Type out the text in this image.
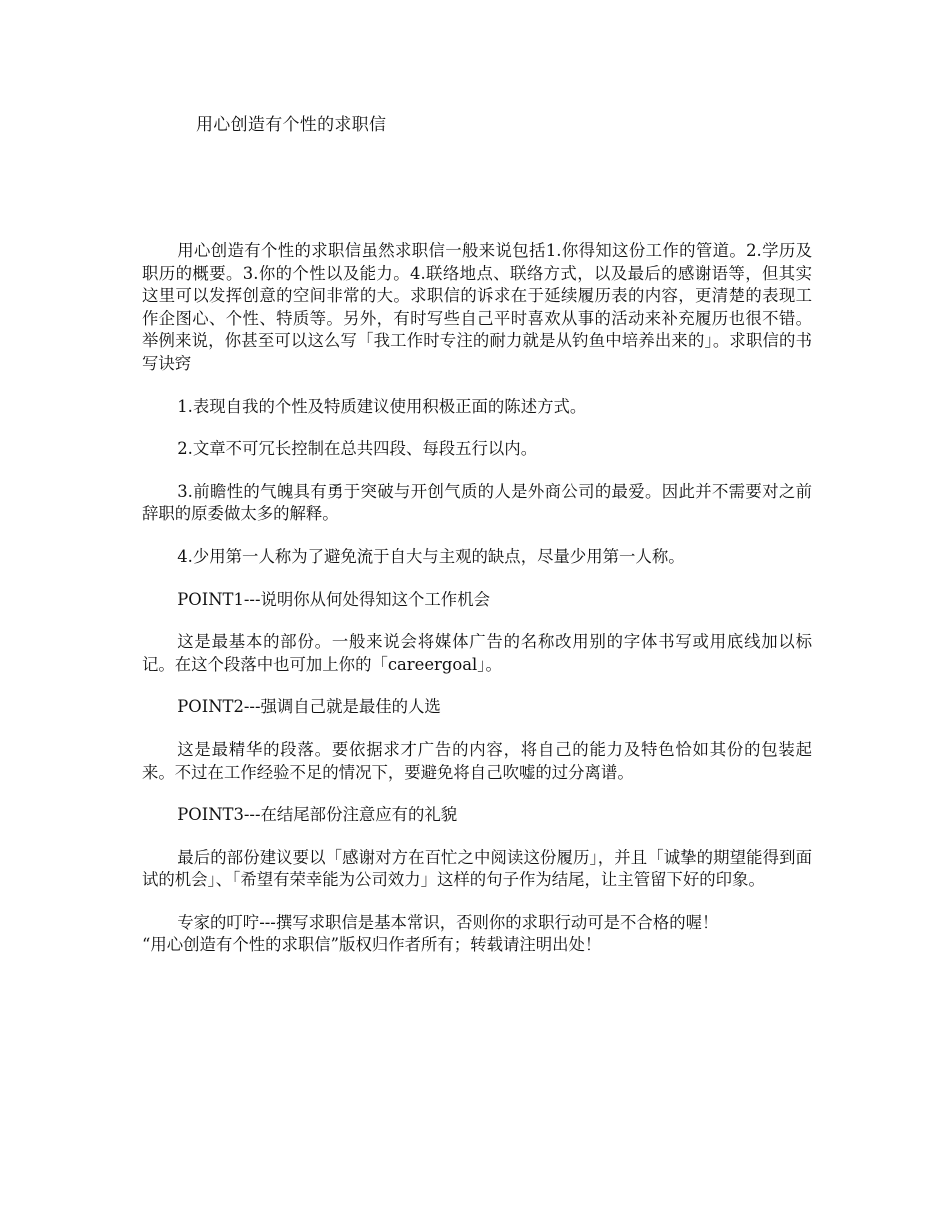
用心创造有个性的求职信

用心创造有个性的求职信虽然求职信一般来说包括1.你得知这份工作的管道。2.学历及职历的概要。3.你的个性以及能力。4.联络地点、联络方式，以及最后的感谢语等，但其实这里可以发挥创意的空间非常的大。求职信的诉求在于延续履历表的内容，更清楚的表现工作企图心、个性、特质等。另外，有时写些自己平时喜欢从事的活动来补充履历也很不错。举例来说，你甚至可以这么写「我工作时专注的耐力就是从钓鱼中培养出来的」。求职信的书写诀窍

1.表现自我的个性及特质建议使用积极正面的陈述方式。

2.文章不可冗长控制在总共四段、每段五行以内。

3.前瞻性的气魄具有勇于突破与开创气质的人是外商公司的最爱。因此并不需要对之前辞职的原委做太多的解释。

4.少用第一人称为了避免流于自大与主观的缺点，尽量少用第一人称。

POINT1---说明你从何处得知这个工作机会

这是最基本的部份。一般来说会将媒体广告的名称改用别的字体书写或用底线加以标记。在这个段落中也可加上你的「careergoal」。

POINT2---强调自己就是最佳的人选

这是最精华的段落。要依据求才广告的内容，将自己的能力及特色恰如其份的包装起来。不过在工作经验不足的情况下，要避免将自己吹嘘的过分离谱。

POINT3---在结尾部份注意应有的礼貌

最后的部份建议要以「感谢对方在百忙之中阅读这份履历」，并且「诚挚的期望能得到面试的机会」、「希望有荣幸能为公司效力」这样的句子作为结尾，让主管留下好的印象。

专家的叮咛---撰写求职信是基本常识，否则你的求职行动可是不合格的喔！

“用心创造有个性的求职信”版权归作者所有；转载请注明出处！
